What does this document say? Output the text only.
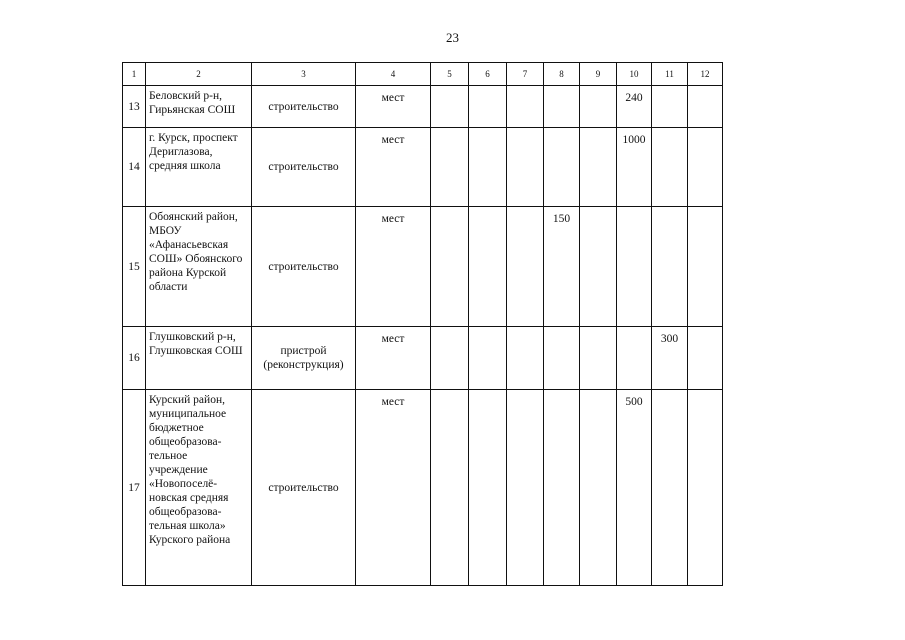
23
1	2	3	4	5	6	7	8	9	10	11	12
13	Беловский р-н, Гирьянская СОШ	строительство	мест						240		
14	г. Курск, проспект Дериглазова, средняя школа	строительство	мест						1000		
15	Обоянский район, МБОУ «Афанасьевская СОШ» Обоянского района Курской области	строительство	мест				150				
16	Глушковский р-н, Глушковская СОШ	пристрой (реконструкция)	мест							300	
17	Курский район, муниципальное бюджетное общеобразова-тельное учреждение «Новопоселё-новская средняя общеобразова-тельная школа» Курского района	строительство	мест						500		
